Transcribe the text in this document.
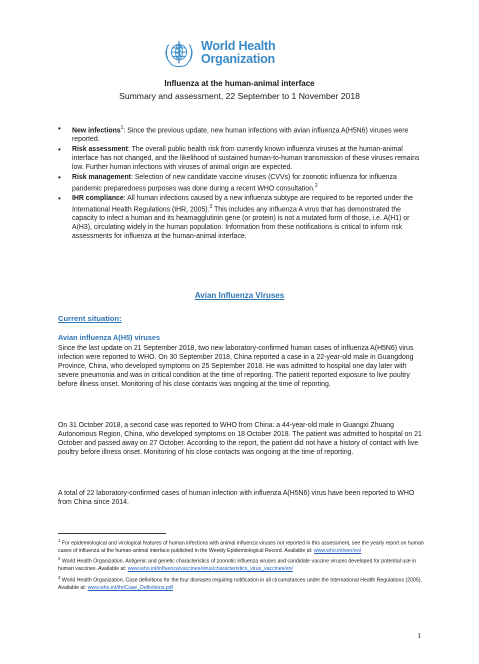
World Health
Organization
Influenza at the human-animal interface
Summary and assessment, 22 September to 1 November 2018
• New infections$^1$: Since the previous update, new human infections with avian influenza A(H5N6) viruses were reported.
• Risk assessment: The overall public health risk from currently known influenza viruses at the human-animal interface has not changed, and the likelihood of sustained human-to-human transmission of these viruses remains low. Further human infections with viruses of animal origin are expected.
• Risk management: Selection of new candidate vaccine viruses (CVVs) for zoonotic influenza for influenza pandemic preparedness purposes was done during a recent WHO consultation.$^2$
• IHR compliance: All human infections caused by a new influenza subtype are required to be reported under the International Health Regulations (IHR, 2005).$^3$ This includes any influenza A virus that has demonstrated the capacity to infect a human and its heamagglutinin gene (or protein) is not a mutated form of those, i.e. A(H1) or A(H3), circulating widely in the human population. Information from these notifications is critical to inform risk assessments for influenza at the human-animal interface.
Avian Influenza Viruses
Current situation:
Avian influenza A(H5) viruses

Since the last update on 21 September 2018, two new laboratory-confirmed human cases of influenza A(H5N6) virus infection were reported to WHO. On 30 September 2018, China reported a case in a 22-year-old male in Guangdong Province, China, who developed symptoms on 25 September 2018. He was admitted to hospital one day later with severe pneumonia and was in critical condition at the time of reporting. The patient reported exposure to live poultry before illness onset. Monitoring of his close contacts was ongoing at the time of reporting.

On 31 October 2018, a second case was reported to WHO from China: a 44-year-old male in Guangxi Zhuang Autonomous Region, China, who developed symptoms on 18 October 2018. The patient was admitted to hospital on 21 October and passed away on 27 October. According to the report, the patient did not have a history of contact with live poultry before illness onset. Monitoring of his close contacts was ongoing at the time of reporting.

A total of 22 laboratory-confirmed cases of human infection with influenza A(H5N6) virus have been reported to WHO from China since 2014.

$^1$ For epidemiological and virological features of human infections with animal influenza viruses not reported in this assessment, see the yearly report on human cases of influenza at the human-animal interface published in the Weekly Epidemiological Record. Available at: www.who.int/wer/en/

$^2$ World Health Organization. Antigenic and genetic characteristics of zoonotic influenza viruses and candidate vaccine viruses developed for potential use in human vaccines. Available at: www.who.int/influenza/vaccines/virus/characteristics_virus_vaccines/en/

$^3$ World Health Organization. Case definitions for the four diseases requiring notification in all circumstances under the International Health Regulations (2005). Available at: www.who.int/ihr/Case_Definitions.pdf

1
